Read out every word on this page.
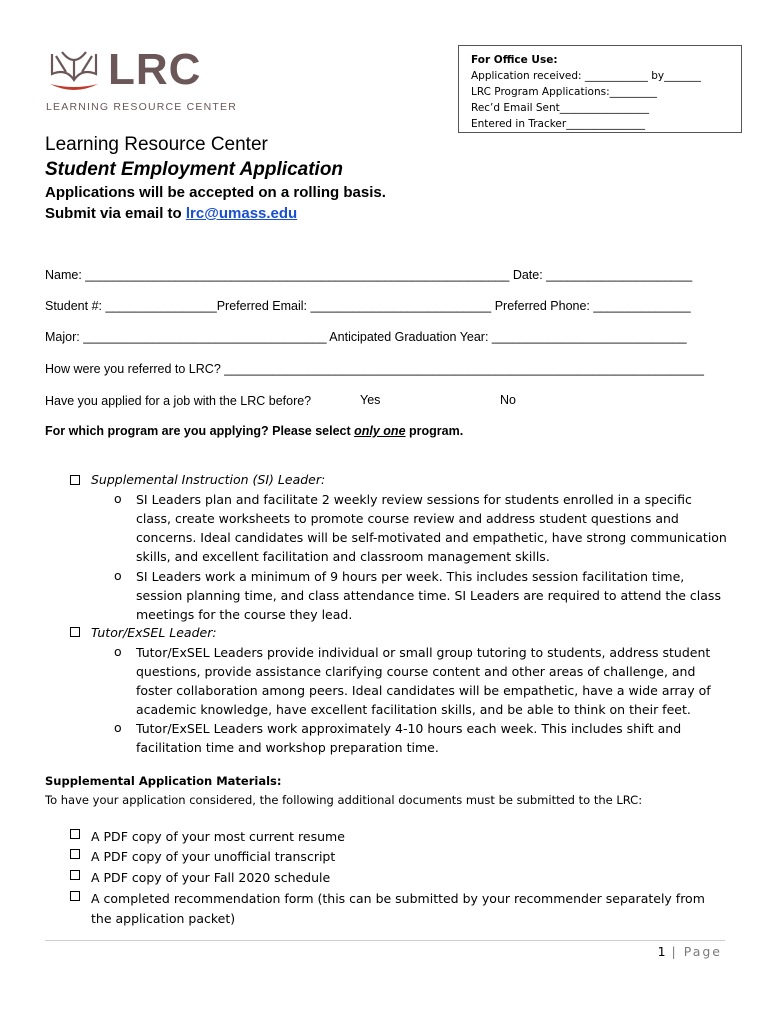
LRC
LEARNING RESOURCE CENTER
For Office Use:
Application received: ____________ by_______
LRC Program Applications:_________
Rec’d Email Sent_________________
Entered in Tracker_______________
Learning Resource Center
Student Employment Application
Applications will be accepted on a rolling basis.
Submit via email to lrc@umass.edu
Name: _____________________________________________________________ Date: _____________________
Student #: ________________Preferred Email: __________________________ Preferred Phone: ______________
Major: ___________________________________ Anticipated Graduation Year: ____________________________
How were you referred to LRC? _____________________________________________________________________
Have you applied for a job with the LRC before?	Yes	No
For which program are you applying? Please select only one program.
Supplemental Instruction (SI) Leader:
o SI Leaders plan and facilitate 2 weekly review sessions for students enrolled in a specific class, create worksheets to promote course review and address student questions and concerns. Ideal candidates will be self-motivated and empathetic, have strong communication skills, and excellent facilitation and classroom management skills.
o SI Leaders work a minimum of 9 hours per week. This includes session facilitation time, session planning time, and class attendance time. SI Leaders are required to attend the class meetings for the course they lead.
Tutor/ExSEL Leader:
o Tutor/ExSEL Leaders provide individual or small group tutoring to students, address student questions, provide assistance clarifying course content and other areas of challenge, and foster collaboration among peers. Ideal candidates will be empathetic, have a wide array of academic knowledge, have excellent facilitation skills, and be able to think on their feet.
o Tutor/ExSEL Leaders work approximately 4-10 hours each week. This includes shift and facilitation time and workshop preparation time.
Supplemental Application Materials:
To have your application considered, the following additional documents must be submitted to the LRC:
A PDF copy of your most current resume
A PDF copy of your unofficial transcript
A PDF copy of your Fall 2020 schedule
A completed recommendation form (this can be submitted by your recommender separately from the application packet)
1 | Page
